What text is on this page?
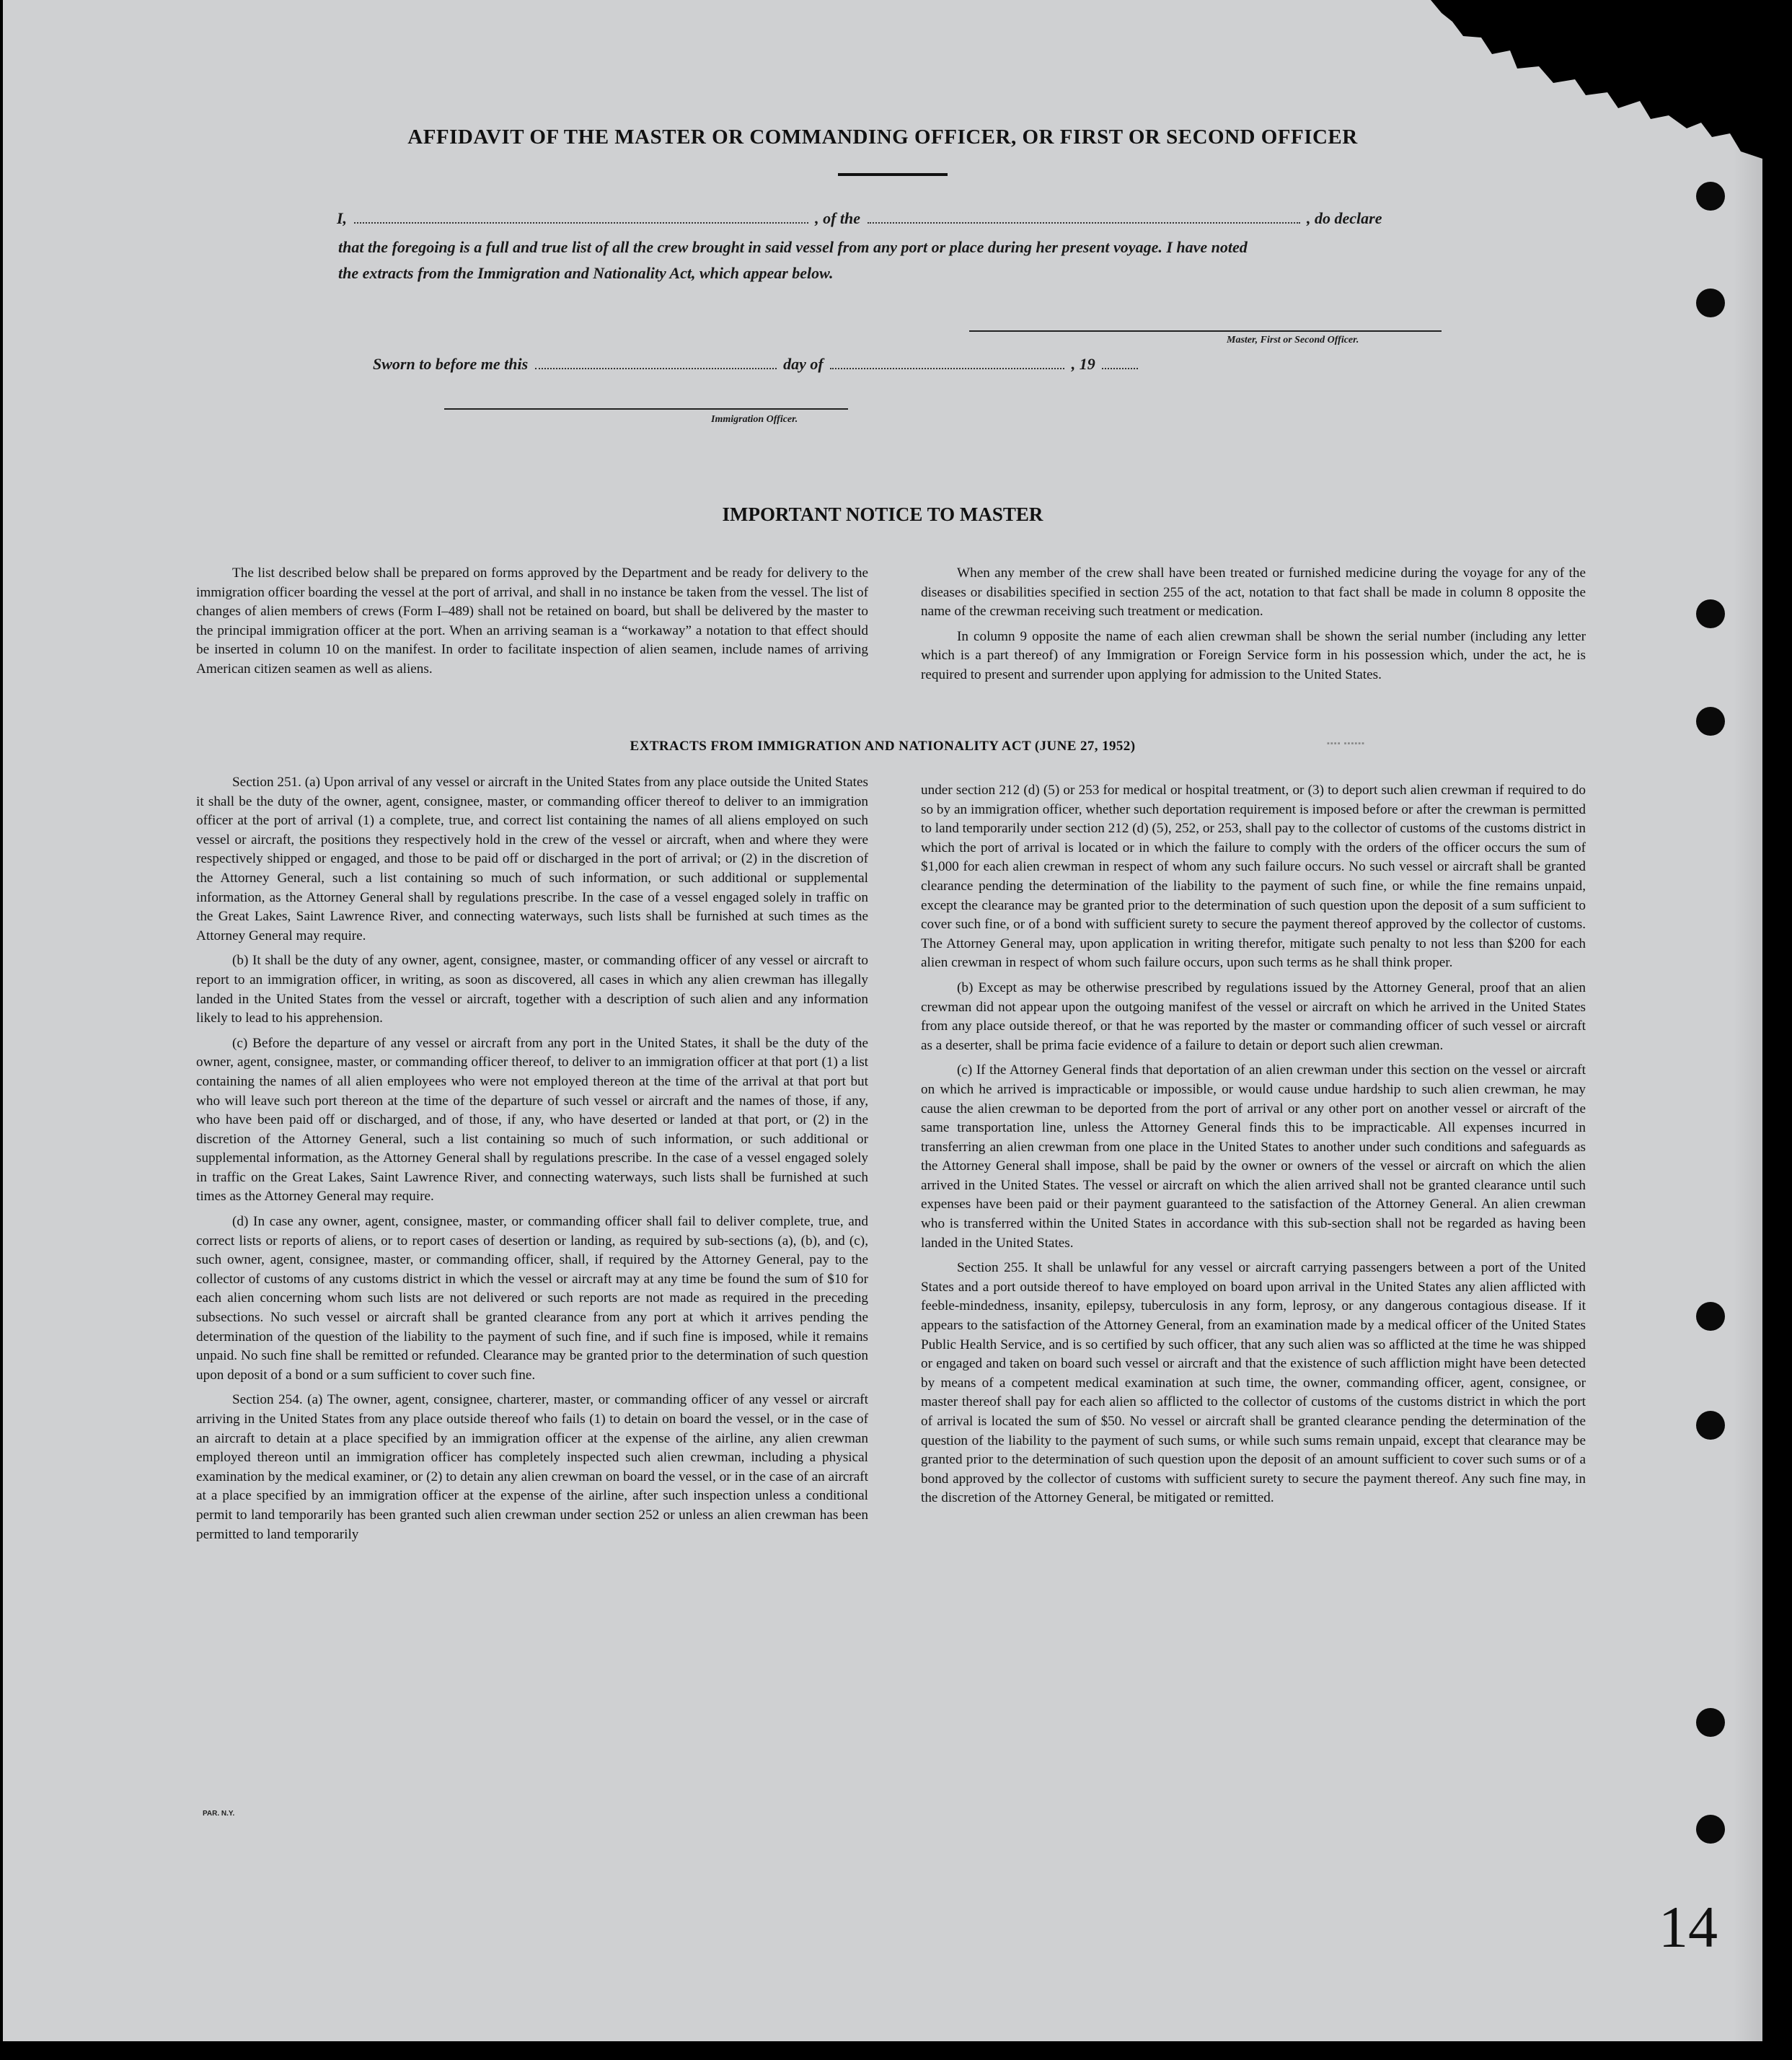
AFFIDAVIT OF THE MASTER OR COMMANDING OFFICER, OR FIRST OR SECOND OFFICER
I,	, of the	, do declare
that the foregoing is a full and true list of all the crew brought in said vessel from any port or place during her present voyage. I have noted
the extracts from the Immigration and Nationality Act, which appear below.
Master, First or Second Officer.
Sworn to before me this	day of	, 19
Immigration Officer.
IMPORTANT NOTICE TO MASTER

The list described below shall be prepared on forms approved by the Department and be ready for delivery to the immigration officer boarding the vessel at the port of arrival, and shall in no instance be taken from the vessel. The list of changes of alien members of crews (Form I–489) shall not be retained on board, but shall be delivered by the master to the principal immigration officer at the port. When an arriving seaman is a “workaway” a notation to that effect should be inserted in column 10 on the manifest. In order to facilitate inspection of alien seamen, include names of arriving American citizen seamen as well as aliens.

When any member of the crew shall have been treated or furnished medicine during the voyage for any of the diseases or disabilities specified in section 255 of the act, notation to that fact shall be made in column 8 opposite the name of the crewman receiving such treatment or medication.

In column 9 opposite the name of each alien crewman shall be shown the serial number (including any letter which is a part thereof) of any Immigration or Foreign Service form in his possession which, under the act, he is required to present and surrender upon applying for admission to the United States.

EXTRACTS FROM IMMIGRATION AND NATIONALITY ACT (JUNE 27, 1952)	▪▪▪▪ ▪▪▪▪▪▪

Section 251. (a) Upon arrival of any vessel or aircraft in the United States from any place outside the United States it shall be the duty of the owner, agent, consignee, master, or commanding officer thereof to deliver to an immigration officer at the port of arrival (1) a complete, true, and correct list containing the names of all aliens employed on such vessel or aircraft, the positions they respectively hold in the crew of the vessel or aircraft, when and where they were respectively shipped or engaged, and those to be paid off or discharged in the port of arrival; or (2) in the discretion of the Attorney General, such a list containing so much of such information, or such additional or supplemental information, as the Attorney General shall by regulations prescribe. In the case of a vessel engaged solely in traffic on the Great Lakes, Saint Lawrence River, and connecting waterways, such lists shall be furnished at such times as the Attorney General may require.

(b) It shall be the duty of any owner, agent, consignee, master, or commanding officer of any vessel or aircraft to report to an immigration officer, in writing, as soon as discovered, all cases in which any alien crewman has illegally landed in the United States from the vessel or aircraft, together with a description of such alien and any information likely to lead to his apprehension.

(c) Before the departure of any vessel or aircraft from any port in the United States, it shall be the duty of the owner, agent, consignee, master, or commanding officer thereof, to deliver to an immigration officer at that port (1) a list containing the names of all alien employees who were not employed thereon at the time of the arrival at that port but who will leave such port thereon at the time of the departure of such vessel or aircraft and the names of those, if any, who have been paid off or discharged, and of those, if any, who have deserted or landed at that port, or (2) in the discretion of the Attorney General, such a list containing so much of such information, or such additional or supplemental information, as the Attorney General shall by regulations prescribe. In the case of a vessel engaged solely in traffic on the Great Lakes, Saint Lawrence River, and connecting waterways, such lists shall be furnished at such times as the Attorney General may require.

(d) In case any owner, agent, consignee, master, or commanding officer shall fail to deliver complete, true, and correct lists or reports of aliens, or to report cases of desertion or landing, as required by sub-sections (a), (b), and (c), such owner, agent, consignee, master, or commanding officer, shall, if required by the Attorney General, pay to the collector of customs of any customs district in which the vessel or aircraft may at any time be found the sum of $10 for each alien concerning whom such lists are not delivered or such reports are not made as required in the preceding subsections. No such vessel or aircraft shall be granted clearance from any port at which it arrives pending the determination of the question of the liability to the payment of such fine, and if such fine is imposed, while it remains unpaid. No such fine shall be remitted or refunded. Clearance may be granted prior to the determination of such question upon deposit of a bond or a sum sufficient to cover such fine.

Section 254. (a) The owner, agent, consignee, charterer, master, or commanding officer of any vessel or aircraft arriving in the United States from any place outside thereof who fails (1) to detain on board the vessel, or in the case of an aircraft to detain at a place specified by an immigration officer at the expense of the airline, any alien crewman employed thereon until an immigration officer has completely inspected such alien crewman, including a physical examination by the medical examiner, or (2) to detain any alien crewman on board the vessel, or in the case of an aircraft at a place specified by an immigration officer at the expense of the airline, after such inspection unless a conditional permit to land temporarily has been granted such alien crewman under section 252 or unless an alien crewman has been permitted to land temporarily

under section 212 (d) (5) or 253 for medical or hospital treatment, or (3) to deport such alien crewman if required to do so by an immigration officer, whether such deportation requirement is imposed before or after the crewman is permitted to land temporarily under section 212 (d) (5), 252, or 253, shall pay to the collector of customs of the customs district in which the port of arrival is located or in which the failure to comply with the orders of the officer occurs the sum of $1,000 for each alien crewman in respect of whom any such failure occurs. No such vessel or aircraft shall be granted clearance pending the determination of the liability to the payment of such fine, or while the fine remains unpaid, except the clearance may be granted prior to the determination of such question upon the deposit of a sum sufficient to cover such fine, or of a bond with sufficient surety to secure the payment thereof approved by the collector of customs. The Attorney General may, upon application in writing therefor, mitigate such penalty to not less than $200 for each alien crewman in respect of whom such failure occurs, upon such terms as he shall think proper.

(b) Except as may be otherwise prescribed by regulations issued by the Attorney General, proof that an alien crewman did not appear upon the outgoing manifest of the vessel or aircraft on which he arrived in the United States from any place outside thereof, or that he was reported by the master or commanding officer of such vessel or aircraft as a deserter, shall be prima facie evidence of a failure to detain or deport such alien crewman.

(c) If the Attorney General finds that deportation of an alien crewman under this section on the vessel or aircraft on which he arrived is impracticable or impossible, or would cause undue hardship to such alien crewman, he may cause the alien crewman to be deported from the port of arrival or any other port on another vessel or aircraft of the same transportation line, unless the Attorney General finds this to be impracticable. All expenses incurred in transferring an alien crewman from one place in the United States to another under such conditions and safeguards as the Attorney General shall impose, shall be paid by the owner or owners of the vessel or aircraft on which the alien arrived in the United States. The vessel or aircraft on which the alien arrived shall not be granted clearance until such expenses have been paid or their payment guaranteed to the satisfaction of the Attorney General. An alien crewman who is transferred within the United States in accordance with this sub-section shall not be regarded as having been landed in the United States.

Section 255. It shall be unlawful for any vessel or aircraft carrying passengers between a port of the United States and a port outside thereof to have employed on board upon arrival in the United States any alien afflicted with feeble-mindedness, insanity, epilepsy, tuberculosis in any form, leprosy, or any dangerous contagious disease. If it appears to the satisfaction of the Attorney General, from an examination made by a medical officer of the United States Public Health Service, and is so certified by such officer, that any such alien was so afflicted at the time he was shipped or engaged and taken on board such vessel or aircraft and that the existence of such affliction might have been detected by means of a competent medical examination at such time, the owner, commanding officer, agent, consignee, or master thereof shall pay for each alien so afflicted to the collector of customs of the customs district in which the port of arrival is located the sum of $50. No vessel or aircraft shall be granted clearance pending the determination of the question of the liability to the payment of such sums, or while such sums remain unpaid, except that clearance may be granted prior to the determination of such question upon the deposit of an amount sufficient to cover such sums or of a bond approved by the collector of customs with sufficient surety to secure the payment thereof. Any such fine may, in the discretion of the Attorney General, be mitigated or remitted.

PAR. N.Y.
14
